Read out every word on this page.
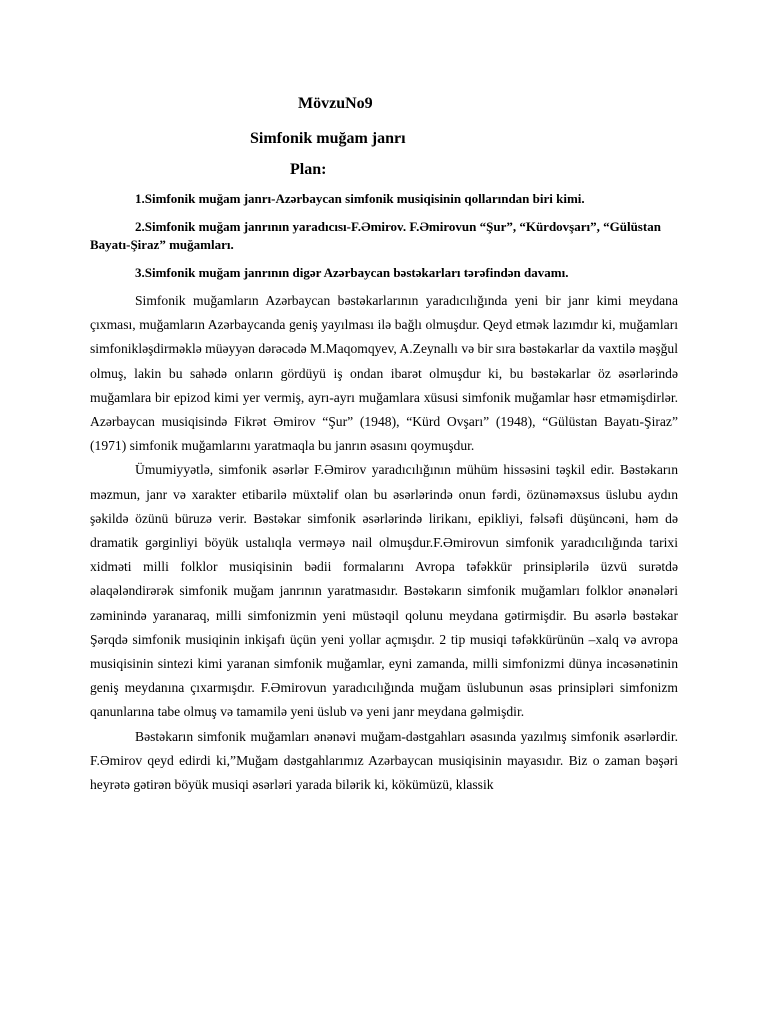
MövzuNo9
Simfonik muğam janrı
Plan:

1.Simfonik muğam janrı-Azərbaycan simfonik musiqisinin qollarından biri kimi.

2.Simfonik muğam janrının yaradıcısı-F.Əmirov. F.Əmirovun “Şur”, “Kürdovşarı”, “Gülüstan Bayatı-Şiraz” muğamları.

3.Simfonik muğam janrının digər Azərbaycan bəstəkarları tərəfindən davamı.

Simfonik muğamların Azərbaycan bəstəkarlarının yaradıcılığında yeni bir janr kimi meydana çıxması, muğamların Azərbaycanda geniş yayılması ilə bağlı olmuşdur. Qeyd etmək lazımdır ki, muğamları simfonikləşdirməklə müəyyən dərəcədə M.Maqomqyev, A.Zeynallı və bir sıra bəstəkarlar da vaxtilə məşğul olmuş, lakin bu sahədə onların gördüyü iş ondan ibarət olmuşdur ki, bu bəstəkarlar öz əsərlərində muğamlara bir epizod kimi yer vermiş, ayrı-ayrı muğamlara xüsusi simfonik muğamlar həsr etməmişdirlər. Azərbaycan musiqisində Fikrət Əmirov “Şur” (1948), “Kürd Ovşarı” (1948), “Gülüstan Bayatı-Şiraz” (1971) simfonik muğamlarını yaratmaqla bu janrın əsasını qoymuşdur.

Ümumiyyətlə, simfonik əsərlər F.Əmirov yaradıcılığının mühüm hissəsini təşkil edir. Bəstəkarın məzmun, janr və xarakter etibarilə müxtəlif olan bu əsərlərində onun fərdi, özünəməxsus üslubu aydın şəkildə özünü büruzə verir. Bəstəkar simfonik əsərlərində lirikanı, epikliyi, fəlsəfi düşüncəni, həm də dramatik gərginliyi böyük ustalıqla verməyə nail olmuşdur.F.Əmirovun simfonik yaradıcılığında tarixi xidməti milli folklor musiqisinin bədii formalarını Avropa təfəkkür prinsiplərilə üzvü surətdə əlaqələndirərək simfonik muğam janrının yaratmasıdır. Bəstəkarın simfonik muğamları folklor ənənələri zəminində yaranaraq, milli simfonizmin yeni müstəqil qolunu meydana gətirmişdir. Bu əsərlə bəstəkar Şərqdə simfonik musiqinin inkişafı üçün yeni yollar açmışdır. 2 tip musiqi təfəkkürünün –xalq və avropa musiqisinin sintezi kimi yaranan simfonik muğamlar, eyni zamanda, milli simfonizmi dünya incəsənətinin geniş meydanına çıxarmışdır. F.Əmirovun yaradıcılığında muğam üslubunun əsas prinsipləri simfonizm qanunlarına tabe olmuş və tamamilə yeni üslub və yeni janr meydana gəlmişdir.

Bəstəkarın simfonik muğamları ənənəvi muğam-dəstgahları əsasında yazılmış simfonik əsərlərdir. F.Əmirov qeyd edirdi ki,”Muğam dəstgahlarımız Azərbaycan musiqisinin mayasıdır. Biz o zaman bəşəri heyrətə gətirən böyük musiqi əsərləri yarada bilərik ki, kökümüzü, klassik
